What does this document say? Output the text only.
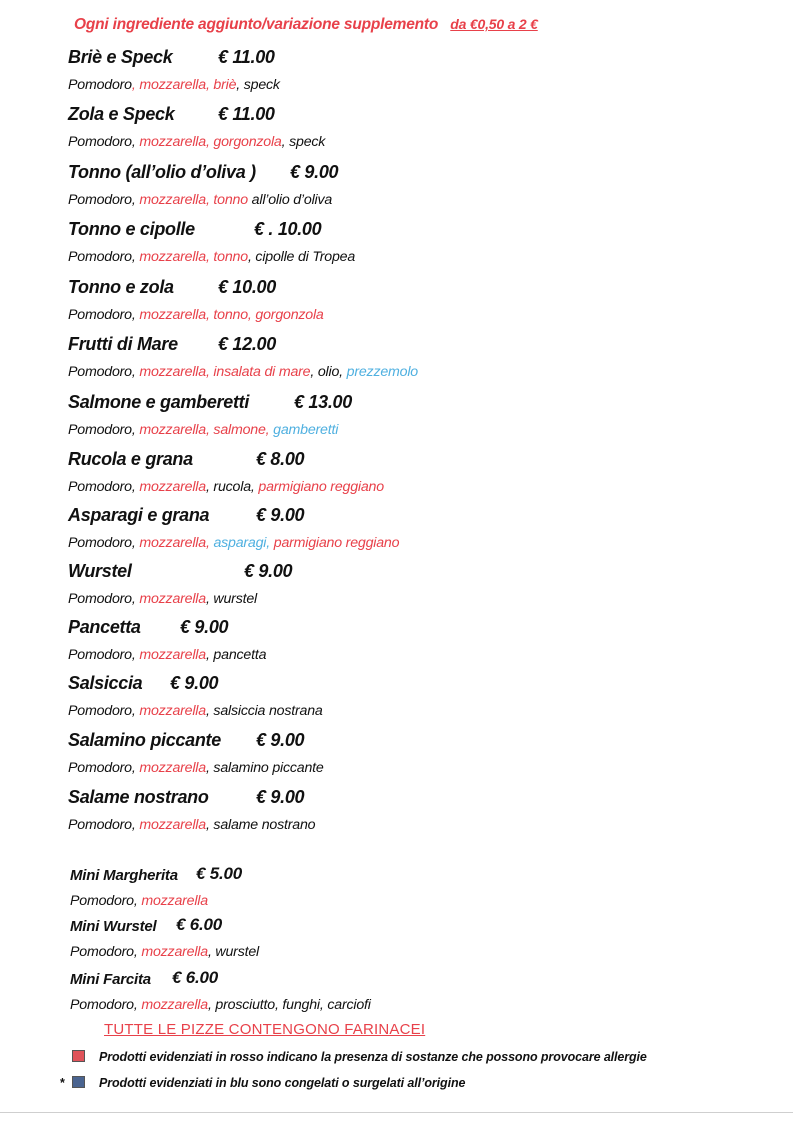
Ogni ingrediente aggiunto/variazione supplemento da €0,50 a 2 €
Briè e Speck	€ 11.00
Pomodoro, mozzarella, briè, speck
Zola e Speck € 11.00
Pomodoro, mozzarella, gorgonzola, speck
Tonno (all’olio d’oliva ) € 9.00
Pomodoro, mozzarella, tonno all’olio d’oliva
Tonno e cipolle	€ . 10.00
Pomodoro, mozzarella, tonno, cipolle di Tropea
Tonno e zola € 10.00
Pomodoro, mozzarella, tonno, gorgonzola
Frutti di Mare € 12.00
Pomodoro, mozzarella, insalata di mare, olio, prezzemolo
Salmone e gamberetti € 13.00
Pomodoro, mozzarella, salmone, gamberetti
Rucola e grana	€ 8.00
Pomodoro, mozzarella, rucola, parmigiano reggiano
Asparagi e grana	€ 9.00
Pomodoro, mozzarella, asparagi, parmigiano reggiano
Wurstel	€ 9.00
Pomodoro, mozzarella, wurstel
Pancetta € 9.00
Pomodoro, mozzarella, pancetta
Salsiccia € 9.00
Pomodoro, mozzarella, salsiccia nostrana
Salamino piccante € 9.00
Pomodoro, mozzarella, salamino piccante
Salame nostrano	€ 9.00
Pomodoro, mozzarella, salame nostrano
Mini Margherita € 5.00
Pomodoro, mozzarella
Mini Wurstel € 6.00
Pomodoro, mozzarella, wurstel
Mini Farcita € 6.00
Pomodoro, mozzarella, prosciutto, funghi, carciofi
TUTTE LE PIZZE CONTENGONO FARINACEI
Prodotti evidenziati in rosso indicano la presenza di sostanze che possono provocare allergie
*	Prodotti evidenziati in blu sono congelati o surgelati all’origine
